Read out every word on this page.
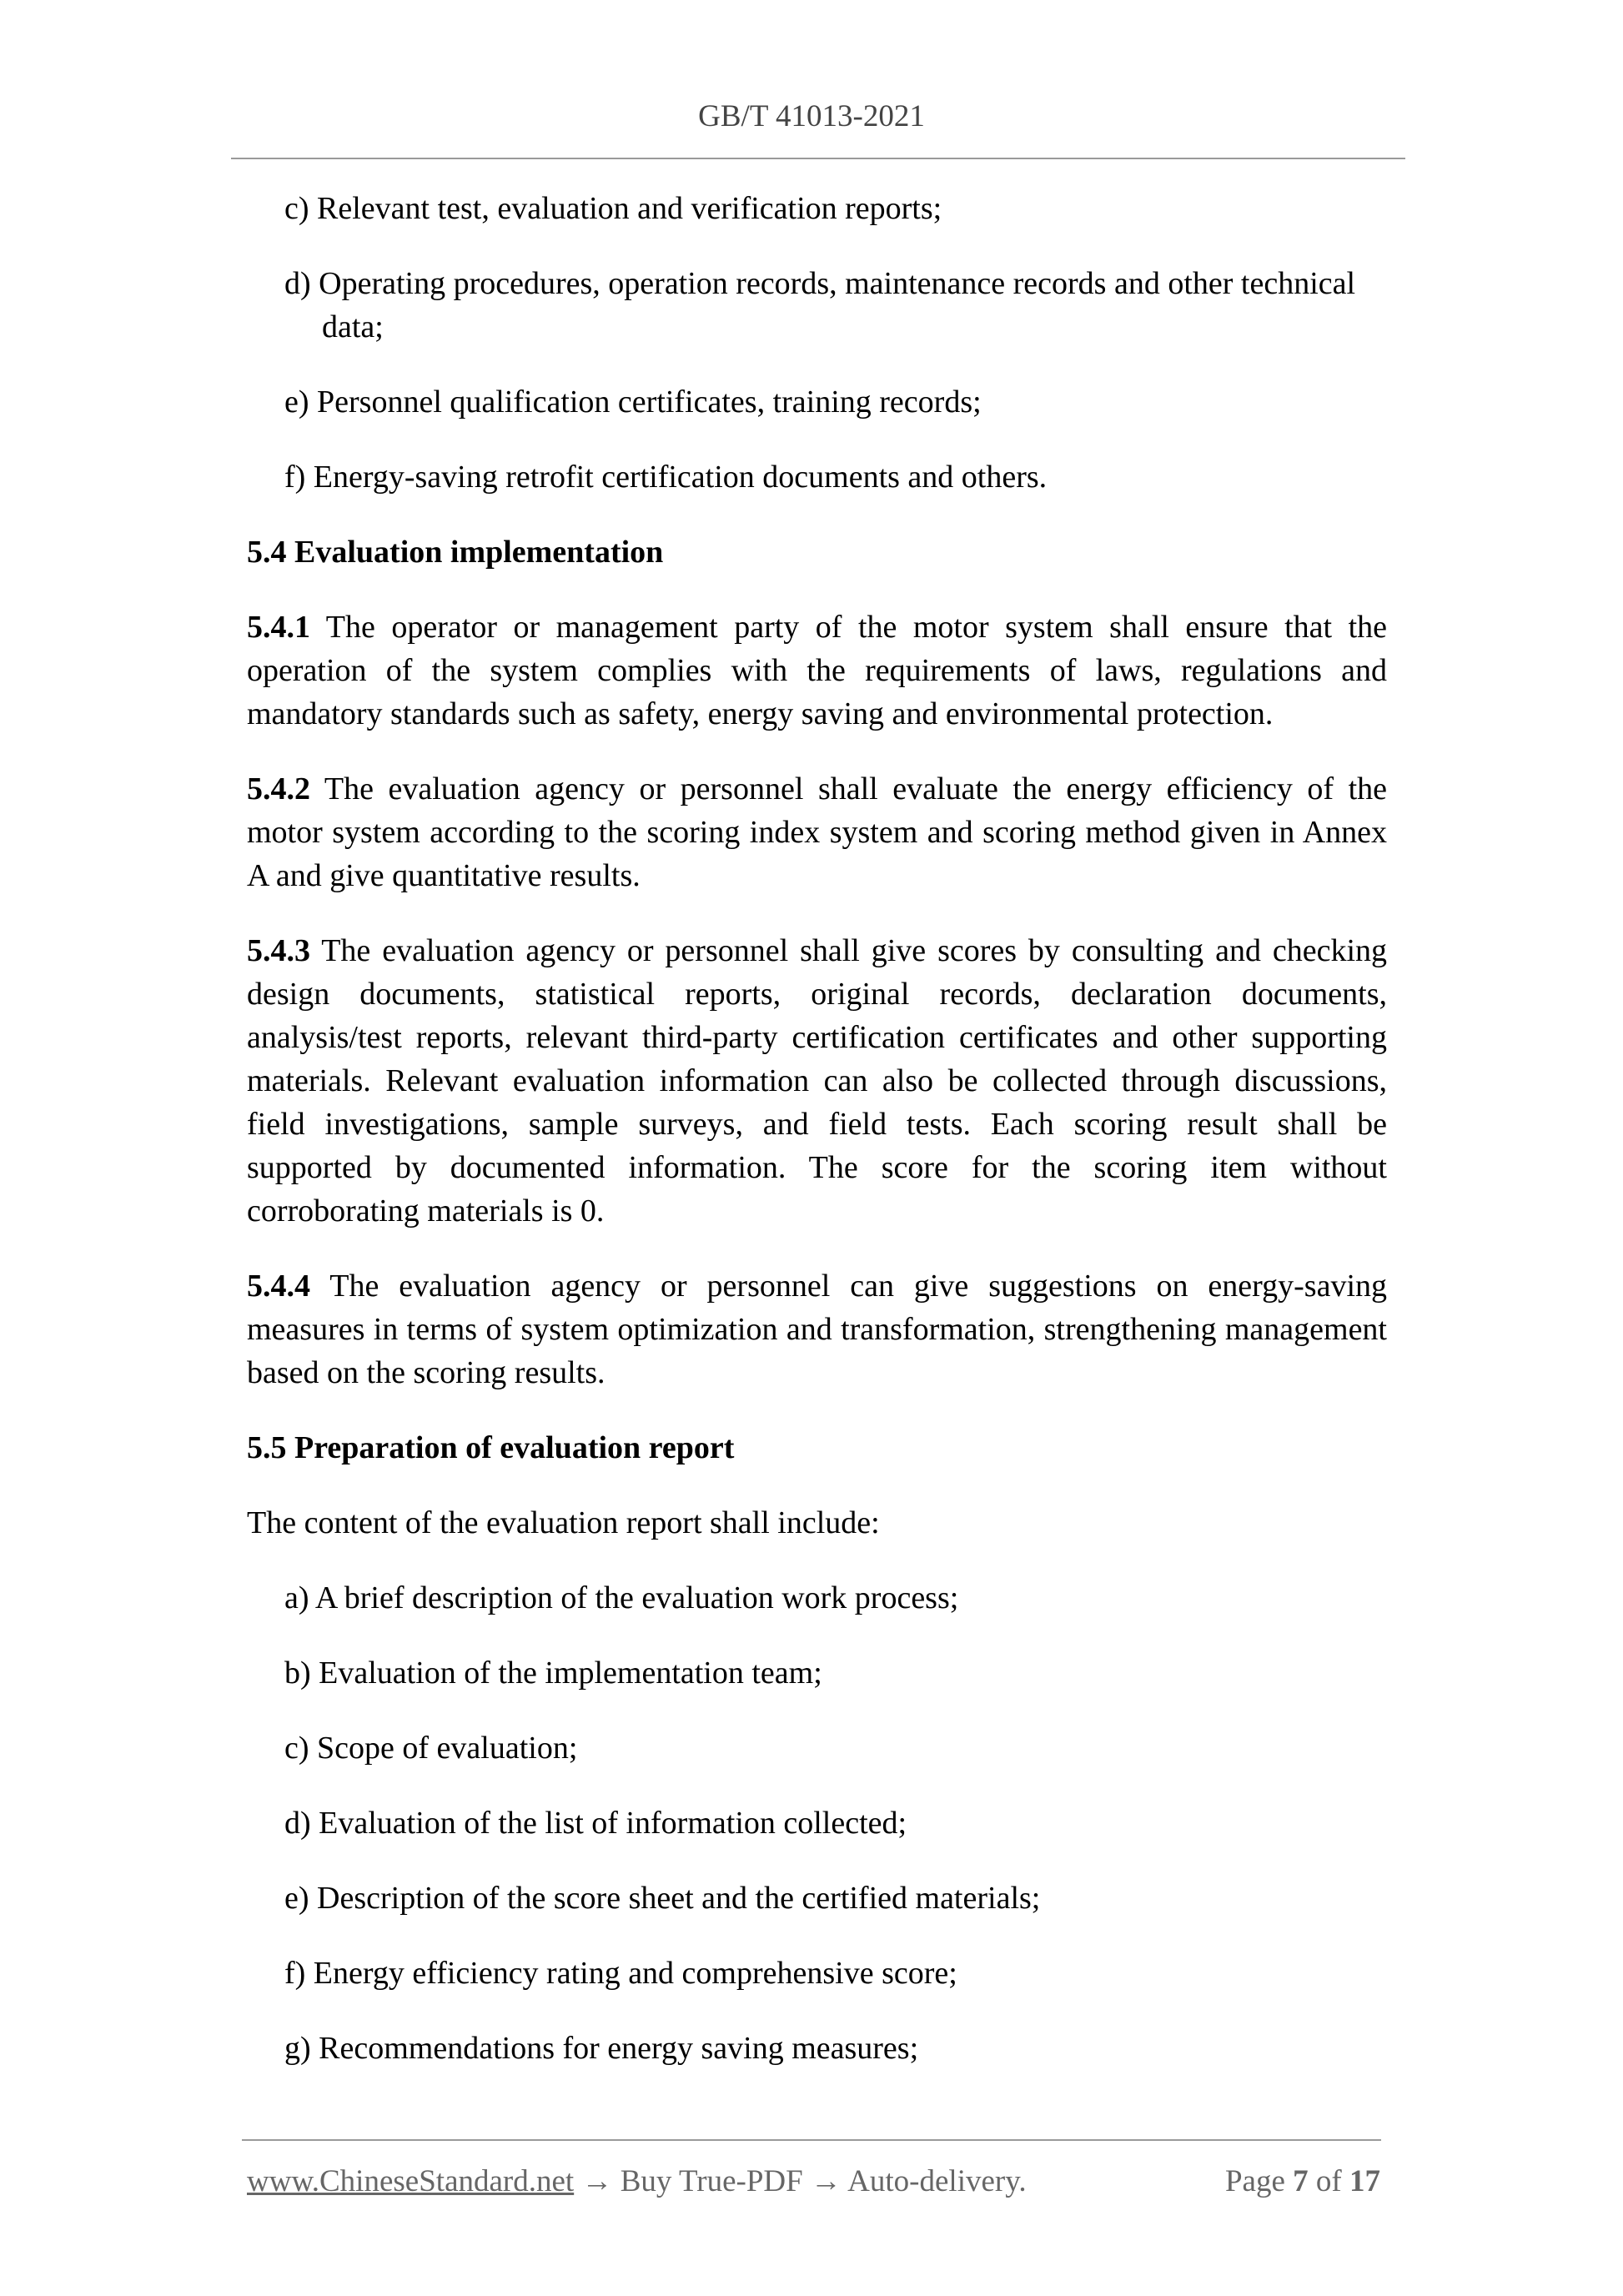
GB/T 41013-2021
c) Relevant test, evaluation and verification reports;
d) Operating procedures, operation records, maintenance records and other technical data;
e) Personnel qualification certificates, training records;
f) Energy-saving retrofit certification documents and others.
5.4 Evaluation implementation
5.4.1 The operator or management party of the motor system shall ensure that the operation of the system complies with the requirements of laws, regulations and mandatory standards such as safety, energy saving and environmental protection.
5.4.2 The evaluation agency or personnel shall evaluate the energy efficiency of the motor system according to the scoring index system and scoring method given in Annex A and give quantitative results.
5.4.3 The evaluation agency or personnel shall give scores by consulting and checking design documents, statistical reports, original records, declaration documents, analysis/test reports, relevant third-party certification certificates and other supporting materials. Relevant evaluation information can also be collected through discussions, field investigations, sample surveys, and field tests. Each scoring result shall be supported by documented information. The score for the scoring item without corroborating materials is 0.
5.4.4 The evaluation agency or personnel can give suggestions on energy-saving measures in terms of system optimization and transformation, strengthening management based on the scoring results.
5.5 Preparation of evaluation report
The content of the evaluation report shall include:
a) A brief description of the evaluation work process;
b) Evaluation of the implementation team;
c) Scope of evaluation;
d) Evaluation of the list of information collected;
e) Description of the score sheet and the certified materials;
f) Energy efficiency rating and comprehensive score;
g) Recommendations for energy saving measures;
www.ChineseStandard.net → Buy True-PDF → Auto-delivery.	Page 7 of 17
